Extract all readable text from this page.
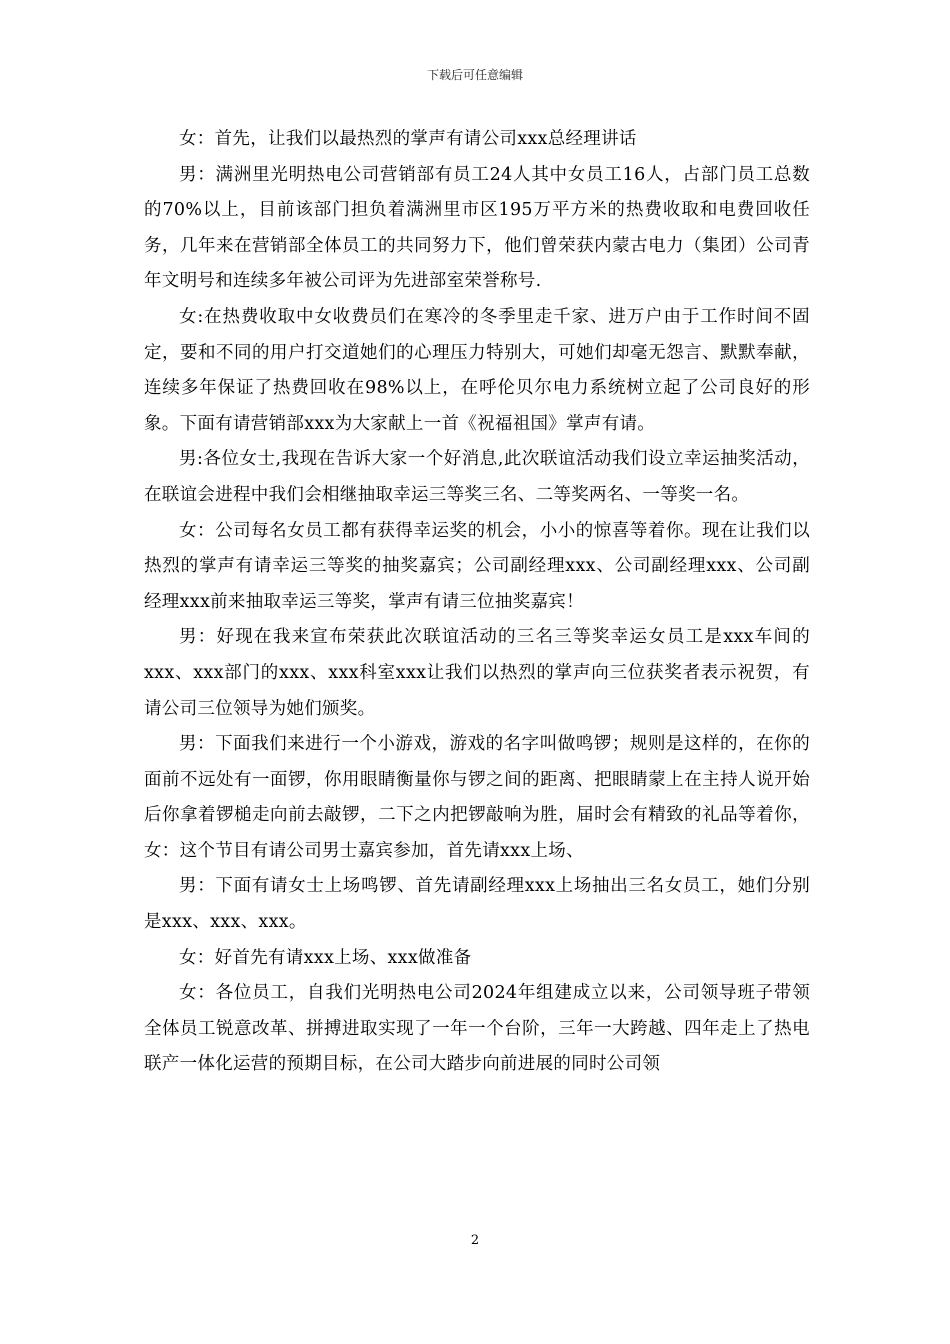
下载后可任意编辑

女：首先，让我们以最热烈的掌声有请公司xxx总经理讲话

男：满洲里光明热电公司营销部有员工24人其中女员工16人，占部门员工总数的70%以上，目前该部门担负着满洲里市区195万平方米的热费收取和电费回收任务，几年来在营销部全体员工的共同努力下，他们曾荣获内蒙古电力（集团）公司青年文明号和连续多年被公司评为先进部室荣誉称号.

女:在热费收取中女收费员们在寒冷的冬季里走千家、进万户由于工作时间不固定，要和不同的用户打交道她们的心理压力特别大，可她们却毫无怨言、默默奉献，连续多年保证了热费回收在98%以上，在呼伦贝尔电力系统树立起了公司良好的形象。下面有请营销部xxx为大家献上一首《祝福祖国》掌声有请。

男:各位女士,我现在告诉大家一个好消息,此次联谊活动我们设立幸运抽奖活动，在联谊会进程中我们会相继抽取幸运三等奖三名、二等奖两名、一等奖一名。

女：公司每名女员工都有获得幸运奖的机会，小小的惊喜等着你。现在让我们以热烈的掌声有请幸运三等奖的抽奖嘉宾；公司副经理xxx、公司副经理xxx、公司副经理xxx前来抽取幸运三等奖，掌声有请三位抽奖嘉宾！

男：好现在我来宣布荣获此次联谊活动的三名三等奖幸运女员工是xxx车间的xxx、xxx部门的xxx、xxx科室xxx让我们以热烈的掌声向三位获奖者表示祝贺，有请公司三位领导为她们颁奖。

男：下面我们来进行一个小游戏，游戏的名字叫做鸣锣；规则是这样的，在你的面前不远处有一面锣，你用眼睛衡量你与锣之间的距离、把眼睛蒙上在主持人说开始后你拿着锣槌走向前去敲锣，二下之内把锣敲响为胜，届时会有精致的礼品等着你，女：这个节目有请公司男士嘉宾参加，首先请xxx上场、

男：下面有请女士上场鸣锣、首先请副经理xxx上场抽出三名女员工，她们分别是xxx、xxx、xxx。

女：好首先有请xxx上场、xxx做准备

女：各位员工，自我们光明热电公司2024年组建成立以来，公司领导班子带领全体员工锐意改革、拼搏进取实现了一年一个台阶，三年一大跨越、四年走上了热电联产一体化运营的预期目标，在公司大踏步向前进展的同时公司领

2
